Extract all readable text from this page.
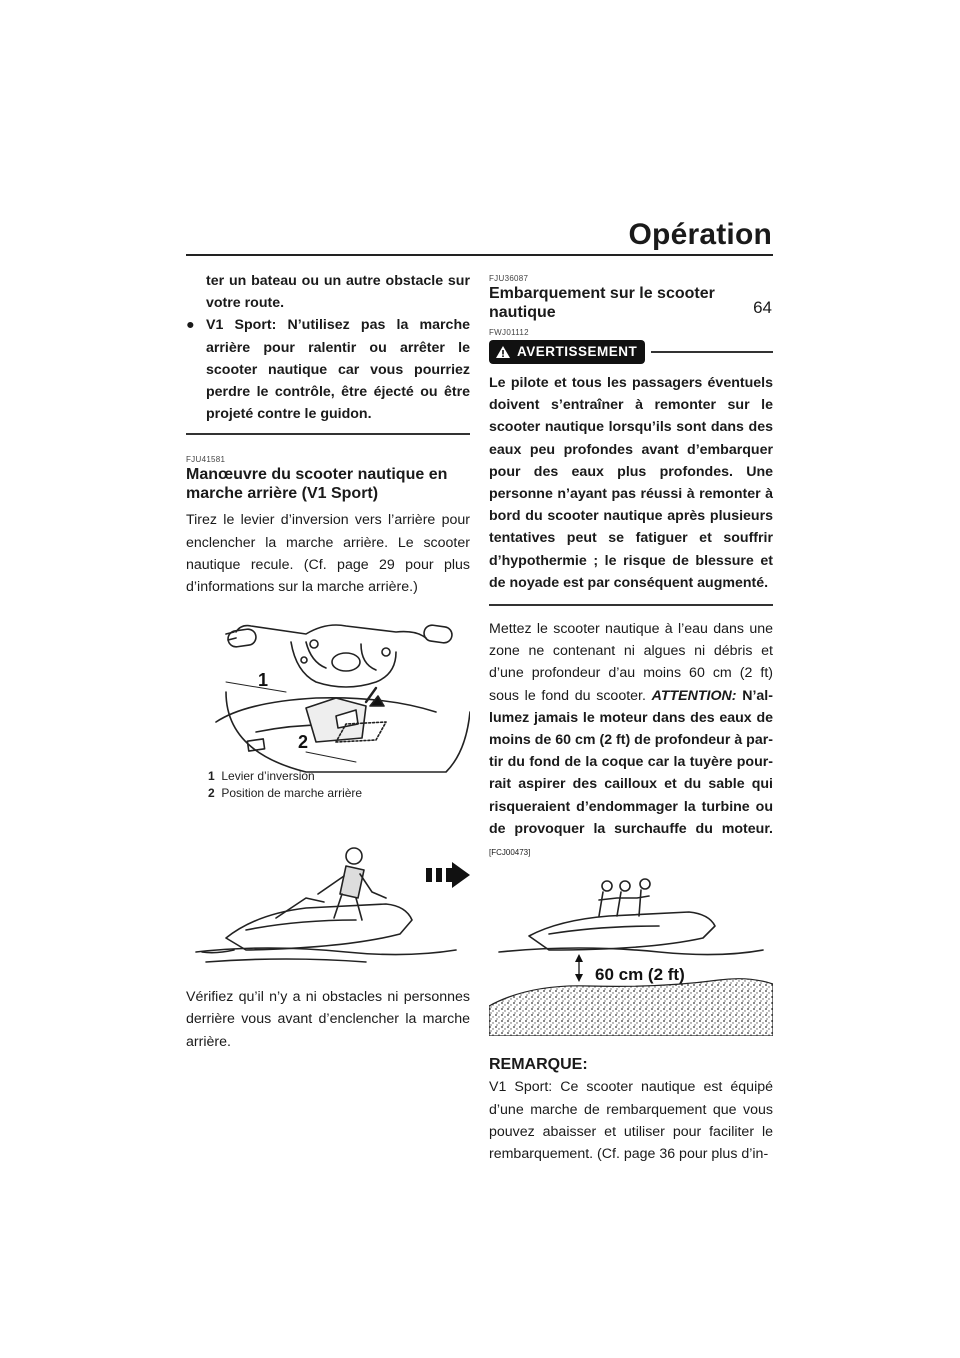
Opération
64
ter un bateau ou un autre obstacle sur votre route.
● V1 Sport: N’utilisez pas la marche arrière pour ralentir ou arrêter le scooter nautique car vous pourriez perdre le contrôle, être éjecté ou être projeté contre le guidon.
FJU41581
Manœuvre du scooter nautique en marche arrière (V1 Sport)
Tirez le levier d’inversion vers l’arrière pour enclencher la marche arrière. Le scooter nautique recule. (Cf. page 29 pour plus d’informations sur la marche arrière.)
1
2
1 Levier d’inversion
2 Position de marche arrière
Vérifiez qu’il n’y a ni obstacles ni personnes derrière vous avant d’enclencher la marche arrière.
FJU36087
Embarquement sur le scooter nautique
FWJ01112
AVERTISSEMENT
Le pilote et tous les passagers éventuels doivent s’entraîner à remonter sur le scooter nautique lorsqu’ils sont dans des eaux peu profondes avant d’embarquer pour des eaux plus profondes. Une personne n’ayant pas réussi à remonter à bord du scooter nautique après plusieurs tentatives peut se fatiguer et souffrir d’hypothermie ; le risque de blessure et de noyade est par conséquent augmenté.
Mettez le scooter nautique à l’eau dans une zone ne contenant ni algues ni débris et d’une profondeur d’au moins 60 cm (2 ft) sous le fond du scooter. ATTENTION: N’allumez jamais le moteur dans des eaux de moins de 60 cm (2 ft) de profondeur à partir du fond de la coque car la tuyère pourrait aspirer des cailloux et du sable qui risqueraient d’endommager la turbine ou de provoquer la surchauffe du moteur. [FCJ00473]
60 cm (2 ft)
REMARQUE:
V1 Sport: Ce scooter nautique est équipé d’une marche de rembarquement que vous pouvez abaisser et utiliser pour faciliter le rembarquement. (Cf. page 36 pour plus d’in-
